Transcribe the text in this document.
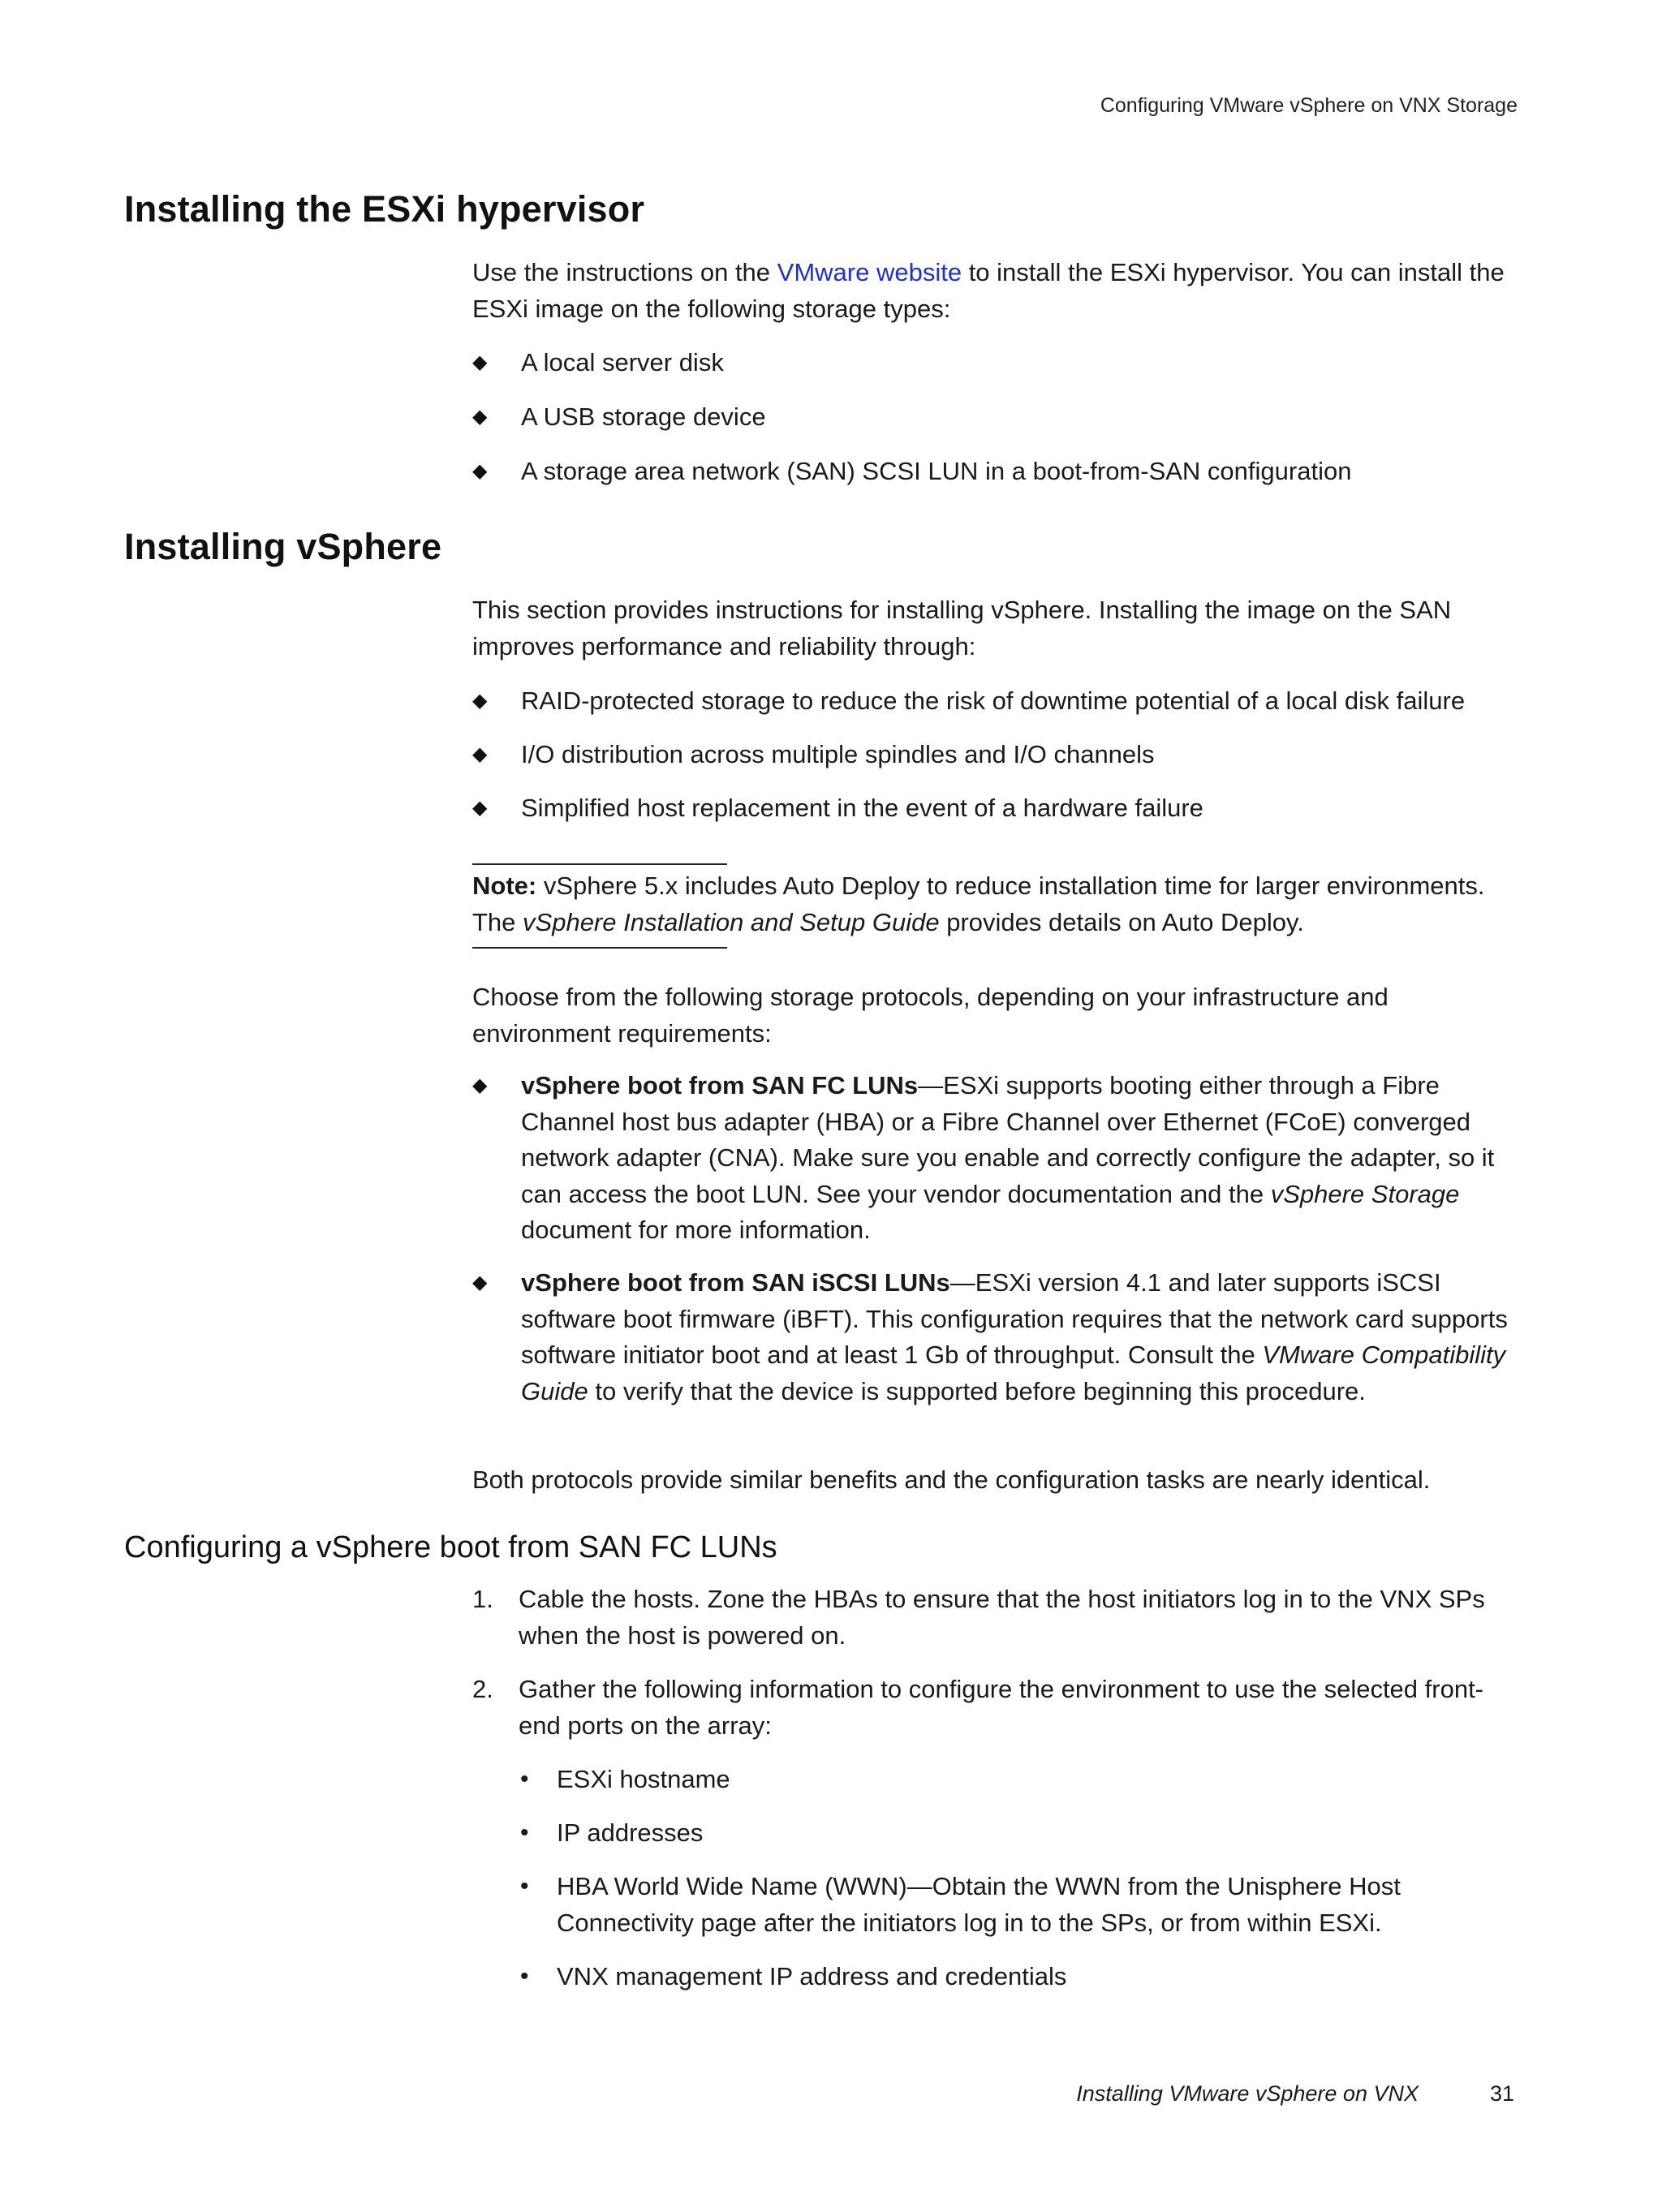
Configuring VMware vSphere on VNX Storage
Installing the ESXi hypervisor

Use the instructions on the VMware website to install the ESXi hypervisor. You can install the ESXi image on the following storage types:

◆ A local server disk
◆ A USB storage device
◆ A storage area network (SAN) SCSI LUN in a boot-from-SAN configuration
Installing vSphere

This section provides instructions for installing vSphere. Installing the image on the SAN improves performance and reliability through:

◆ RAID-protected storage to reduce the risk of downtime potential of a local disk failure
◆ I/O distribution across multiple spindles and I/O channels
◆ Simplified host replacement in the event of a hardware failure

Note: vSphere 5.x includes Auto Deploy to reduce installation time for larger environments. The vSphere Installation and Setup Guide provides details on Auto Deploy.

Choose from the following storage protocols, depending on your infrastructure and environment requirements:

◆ vSphere boot from SAN FC LUNs—ESXi supports booting either through a Fibre Channel host bus adapter (HBA) or a Fibre Channel over Ethernet (FCoE) converged network adapter (CNA). Make sure you enable and correctly configure the adapter, so it can access the boot LUN. See your vendor documentation and the vSphere Storage document for more information.
◆ vSphere boot from SAN iSCSI LUNs—ESXi version 4.1 and later supports iSCSI software boot firmware (iBFT). This configuration requires that the network card supports software initiator boot and at least 1 Gb of throughput. Consult the VMware Compatibility Guide to verify that the device is supported before beginning this procedure.

Both protocols provide similar benefits and the configuration tasks are nearly identical.

Configuring a vSphere boot from SAN FC LUNs
1. Cable the hosts. Zone the HBAs to ensure that the host initiators log in to the VNX SPs when the host is powered on.
2. Gather the following information to configure the environment to use the selected front-end ports on the array:
• ESXi hostname
• IP addresses
• HBA World Wide Name (WWN)—Obtain the WWN from the Unisphere Host Connectivity page after the initiators log in to the SPs, or from within ESXi.
• VNX management IP address and credentials
Installing VMware vSphere on VNX	31
